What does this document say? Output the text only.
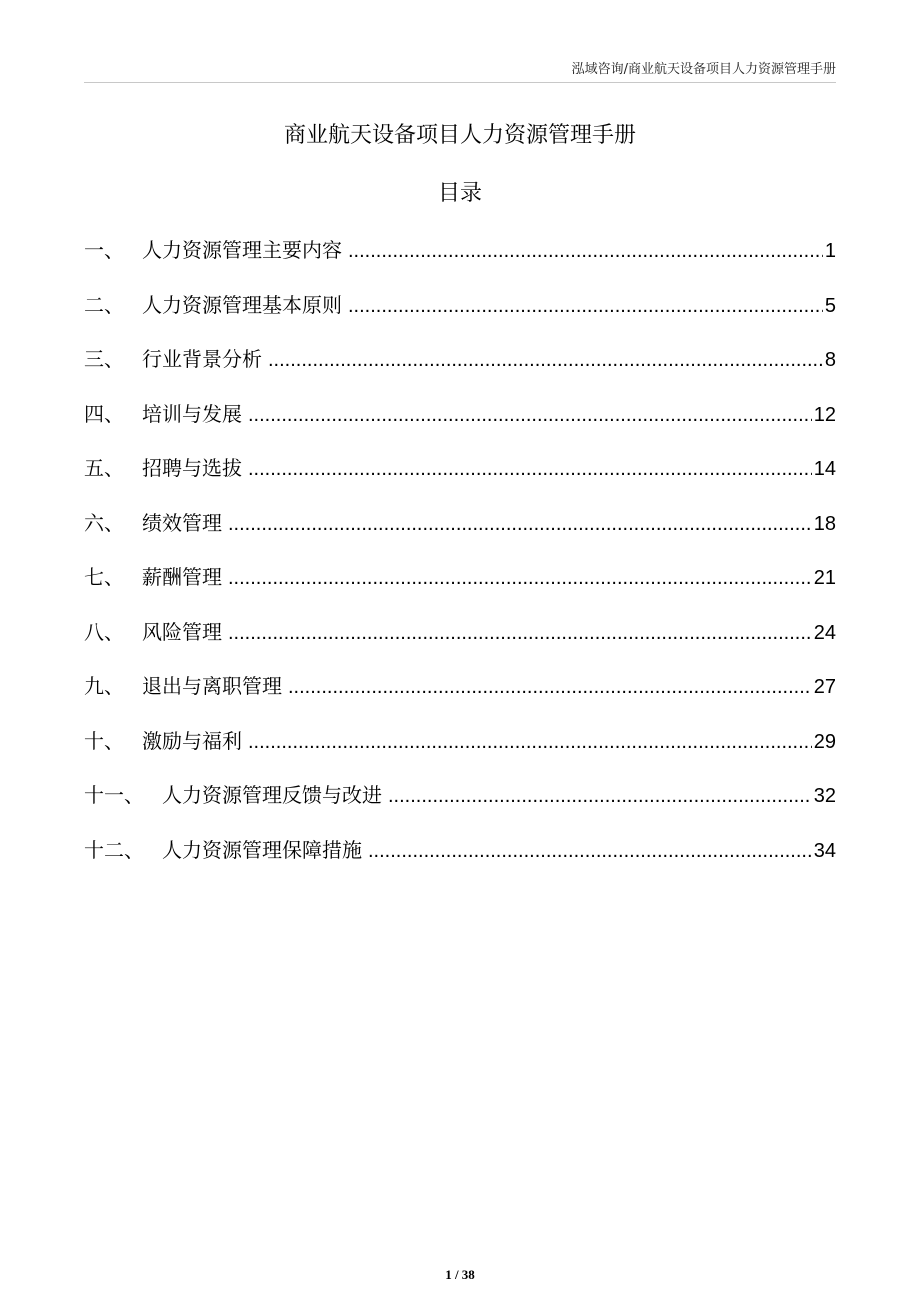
泓域咨询/商业航天设备项目人力资源管理手册
商业航天设备项目人力资源管理手册
目录
一、 人力资源管理主要内容 .....	1
二、 人力资源管理基本原则 .....	5
三、 行业背景分析 .....	8
四、 培训与发展 .....	12
五、 招聘与选拔 .....	14
六、 绩效管理 .....	18
七、 薪酬管理 .....	21
八、 风险管理 .....	24
九、 退出与离职管理 .....	27
十、 激励与福利 .....	29
十一、 人力资源管理反馈与改进 .....	32
十二、 人力资源管理保障措施 .....	34
1 / 38
